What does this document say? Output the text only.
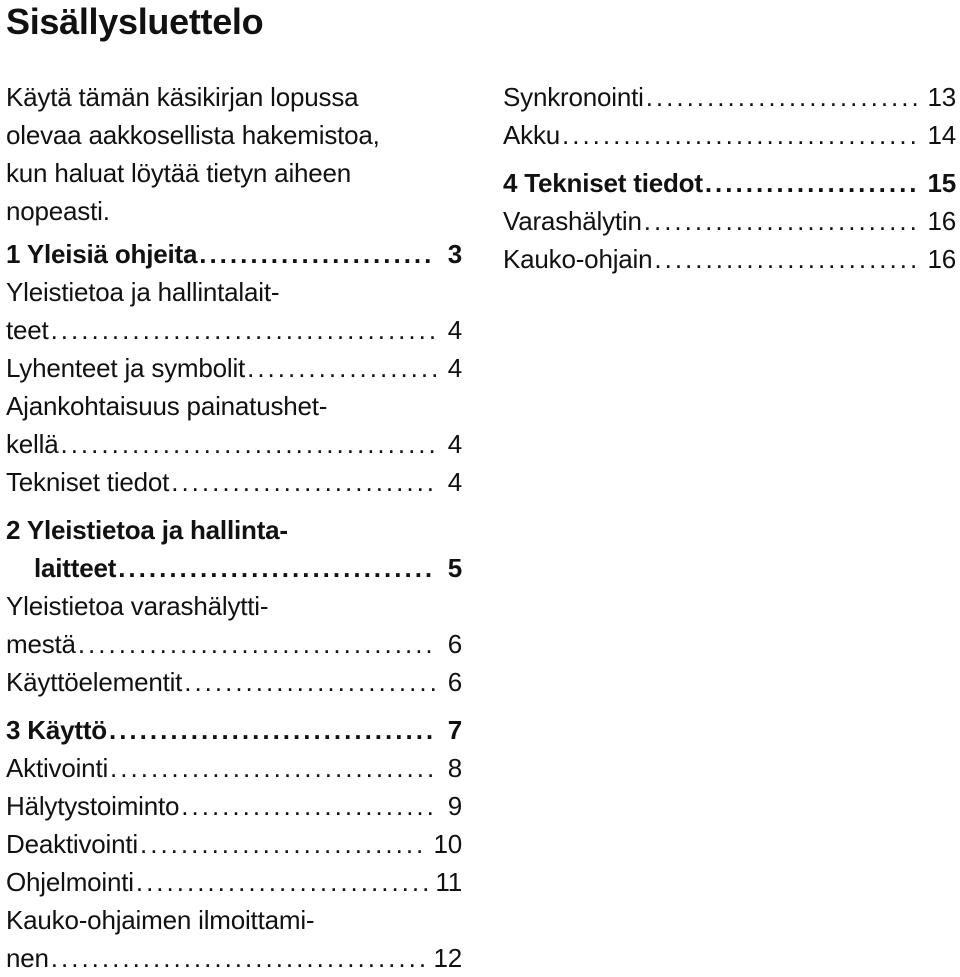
Sisällysluettelo
Käytä tämän käsikirjan lopussa
olevaa aakkosellista hakemistoa,
kun haluat löytää tietyn aiheen
nopeasti.
1 Yleisiä ohjeita .....	3
Yleistietoa ja hallintalait-
teet .....	4
Lyhenteet ja symbolit .....	4
Ajankohtaisuus painatushet-
kellä .....	4
Tekniset tiedot .....	4
2 Yleistietoa ja hallinta-
laitteet .....	5
Yleistietoa varashälytti-
mestä .....	6
Käyttöelementit .....	6
3 Käyttö .....	7
Aktivointi .....	8
Hälytystoiminto .....	9
Deaktivointi .....	10
Ohjelmointi .....	11
Kauko-ohjaimen ilmoittami-
nen .....	12
Synkronointi .....	13
Akku .....	14
4 Tekniset tiedot .....	15
Varashälytin .....	16
Kauko-ohjain .....	16
